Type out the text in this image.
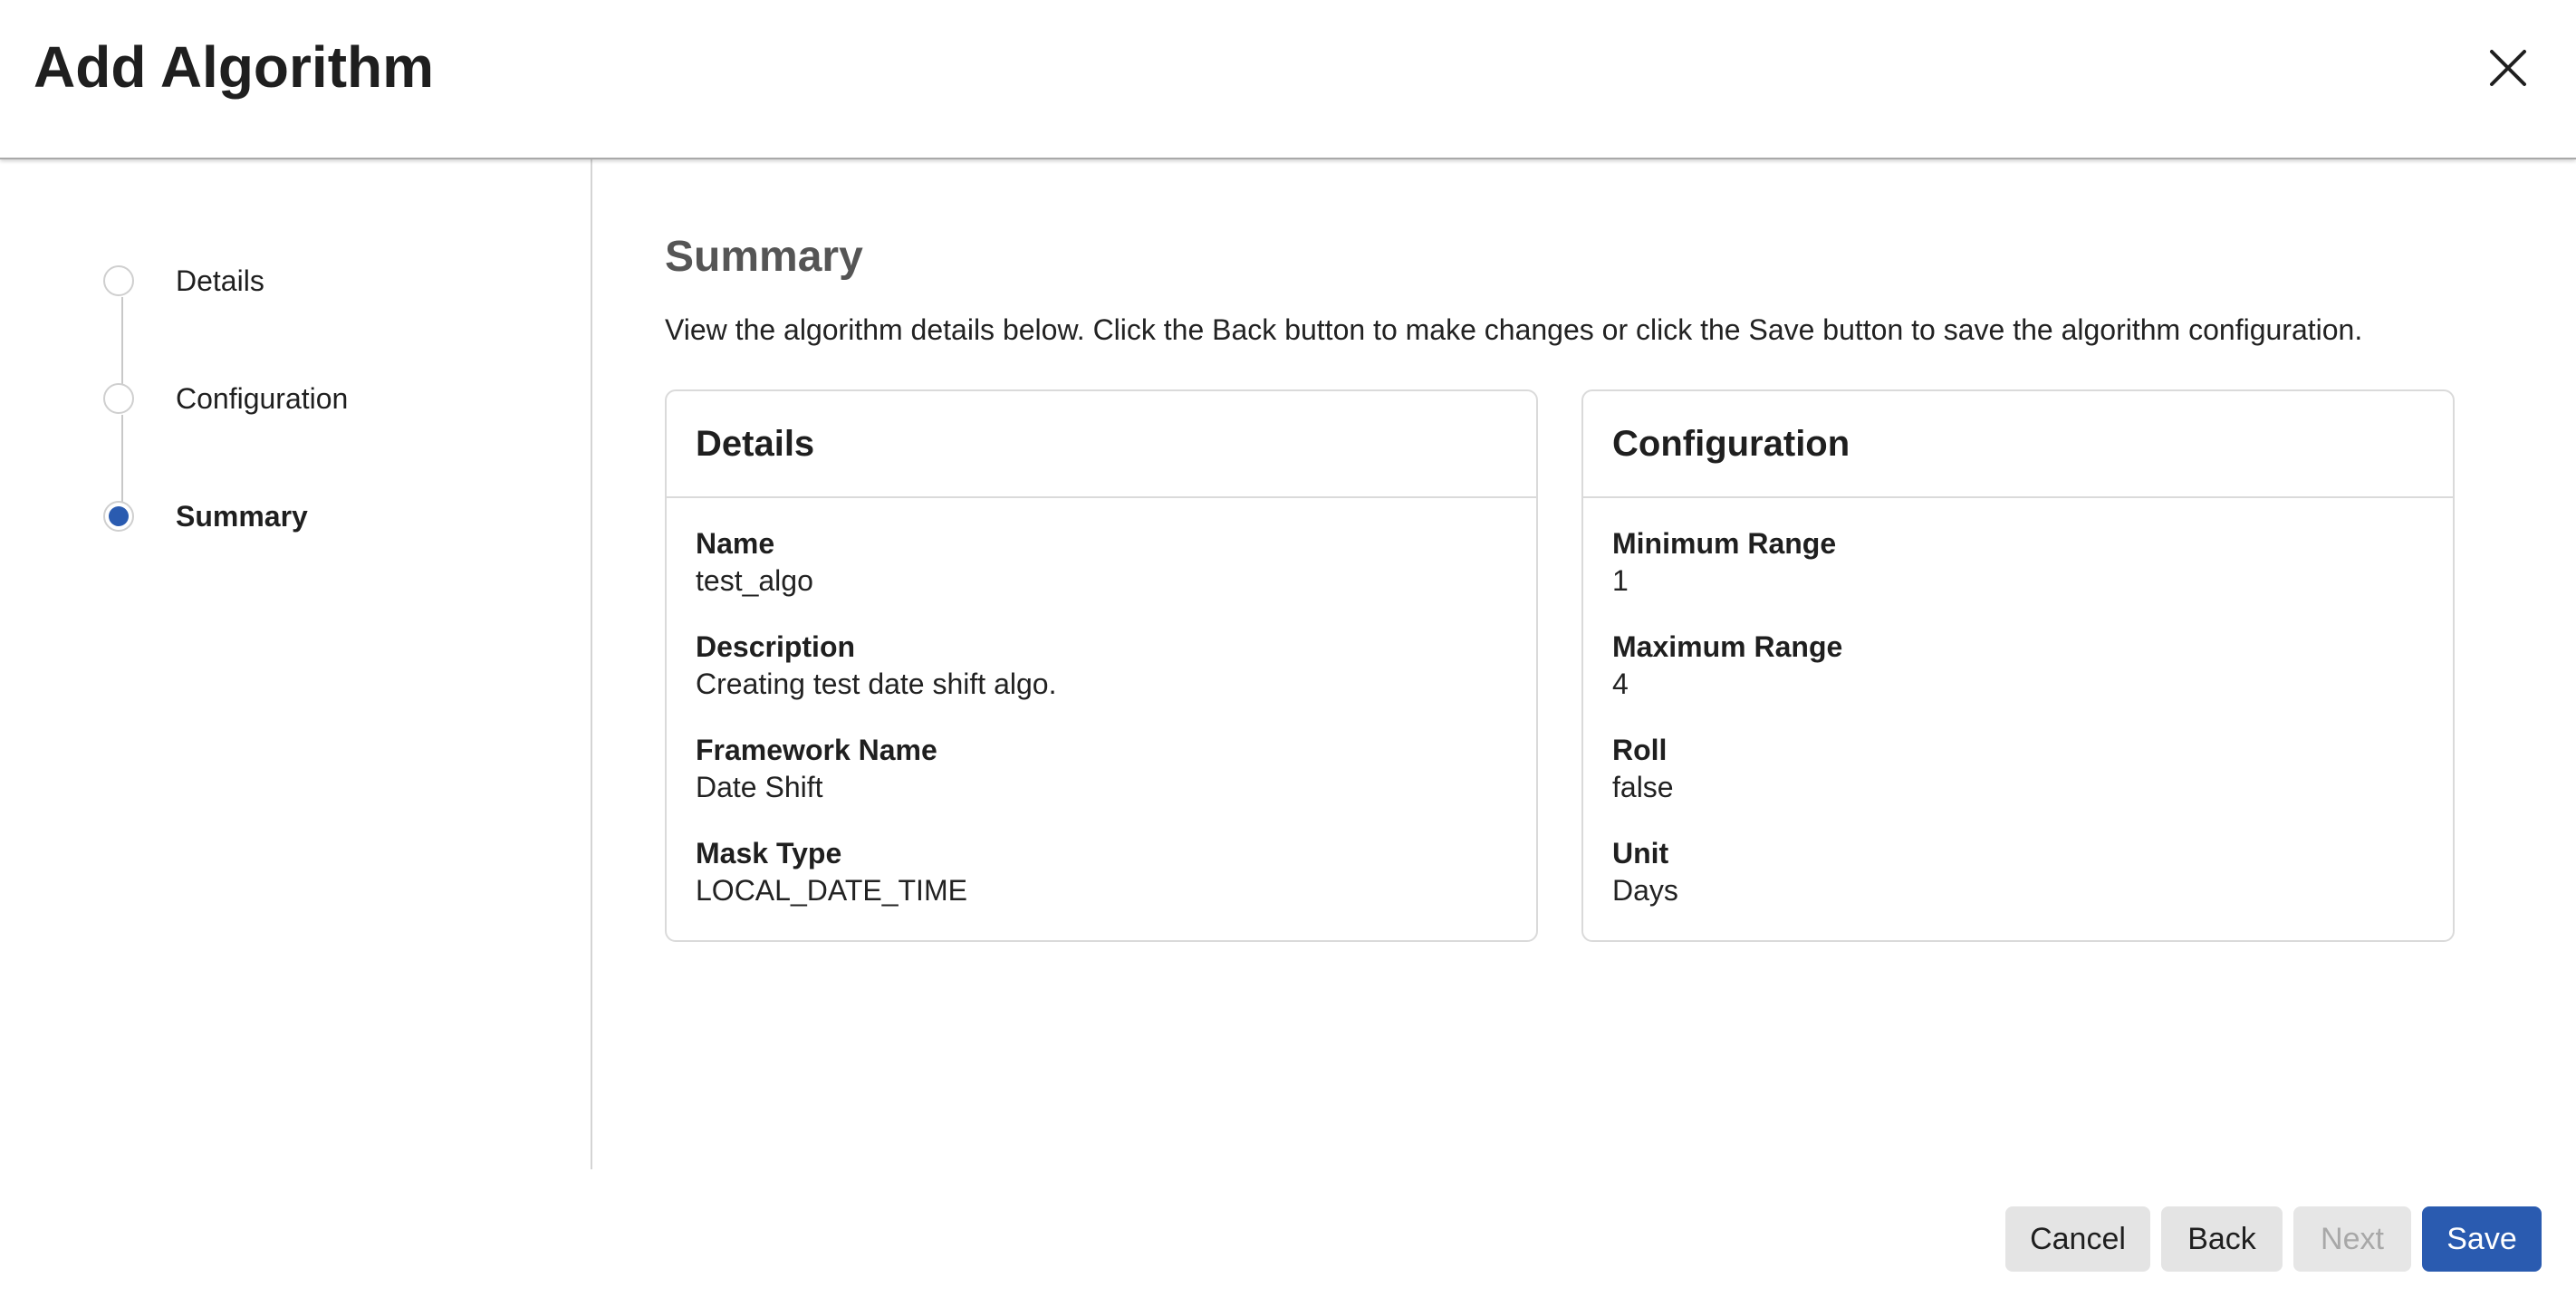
Add Algorithm
Details
Configuration
Summary
Summary
View the algorithm details below. Click the Back button to make changes or click the Save button to save the algorithm configuration.
Details
Name
test_algo
Description
Creating test date shift algo.
Framework Name
Date Shift
Mask Type
LOCAL_DATE_TIME
Configuration
Minimum Range
1
Maximum Range
4
Roll
false
Unit
Days
Cancel	Back	Next	Save
